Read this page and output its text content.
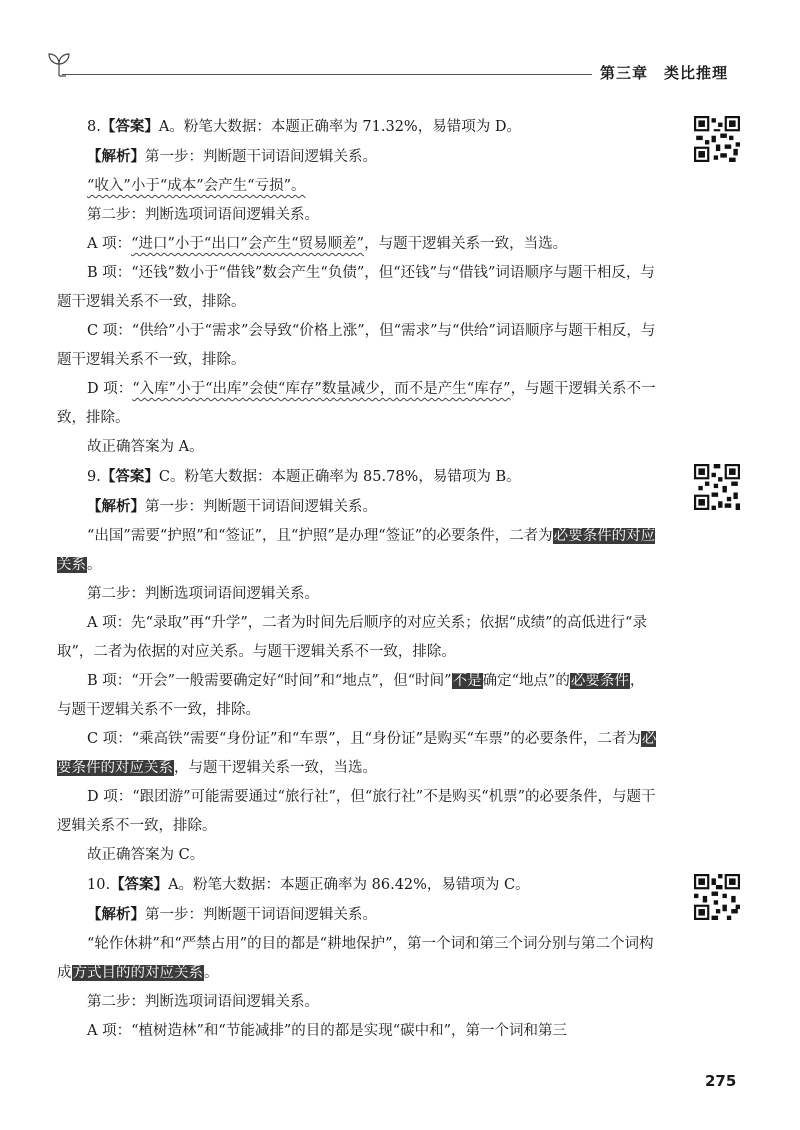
第三章 类比推理

8.【答案】A。粉笔大数据：本题正确率为 71.32%，易错项为 D。

【解析】第一步：判断题干词语间逻辑关系。

“收入”小于“成本”会产生“亏损”。

第二步：判断选项词语间逻辑关系。

A 项：“进口”小于“出口”会产生“贸易顺差”，与题干逻辑关系一致，当选。

B 项：“还钱”数小于“借钱”数会产生“负债”，但“还钱”与“借钱”词语顺序与题干相反，与题干逻辑关系不一致，排除。

C 项：“供给”小于“需求”会导致“价格上涨”，但“需求”与“供给”词语顺序与题干相反，与题干逻辑关系不一致，排除。

D 项：“入库”小于“出库”会使“库存”数量减少，而不是产生“库存”，与题干逻辑关系不一致，排除。

故正确答案为 A。

9.【答案】C。粉笔大数据：本题正确率为 85.78%，易错项为 B。

【解析】第一步：判断题干词语间逻辑关系。

“出国”需要“护照”和“签证”，且“护照”是办理“签证”的必要条件，二者为必要条件的对应关系。

第二步：判断选项词语间逻辑关系。

A 项：先“录取”再“升学”，二者为时间先后顺序的对应关系；依据“成绩”的高低进行“录取”，二者为依据的对应关系。与题干逻辑关系不一致，排除。

B 项：“开会”一般需要确定好“时间”和“地点”，但“时间”不是确定“地点”的必要条件，与题干逻辑关系不一致，排除。

C 项：“乘高铁”需要“身份证”和“车票”，且“身份证”是购买“车票”的必要条件，二者为必要条件的对应关系，与题干逻辑关系一致，当选。

D 项：“跟团游”可能需要通过“旅行社”，但“旅行社”不是购买“机票”的必要条件，与题干逻辑关系不一致，排除。

故正确答案为 C。

10.【答案】A。粉笔大数据：本题正确率为 86.42%，易错项为 C。

【解析】第一步：判断题干词语间逻辑关系。

“轮作休耕”和“严禁占用”的目的都是“耕地保护”，第一个词和第三个词分别与第二个词构成方式目的的对应关系。

第二步：判断选项词语间逻辑关系。

A 项：“植树造林”和“节能减排”的目的都是实现“碳中和”，第一个词和第三

275
